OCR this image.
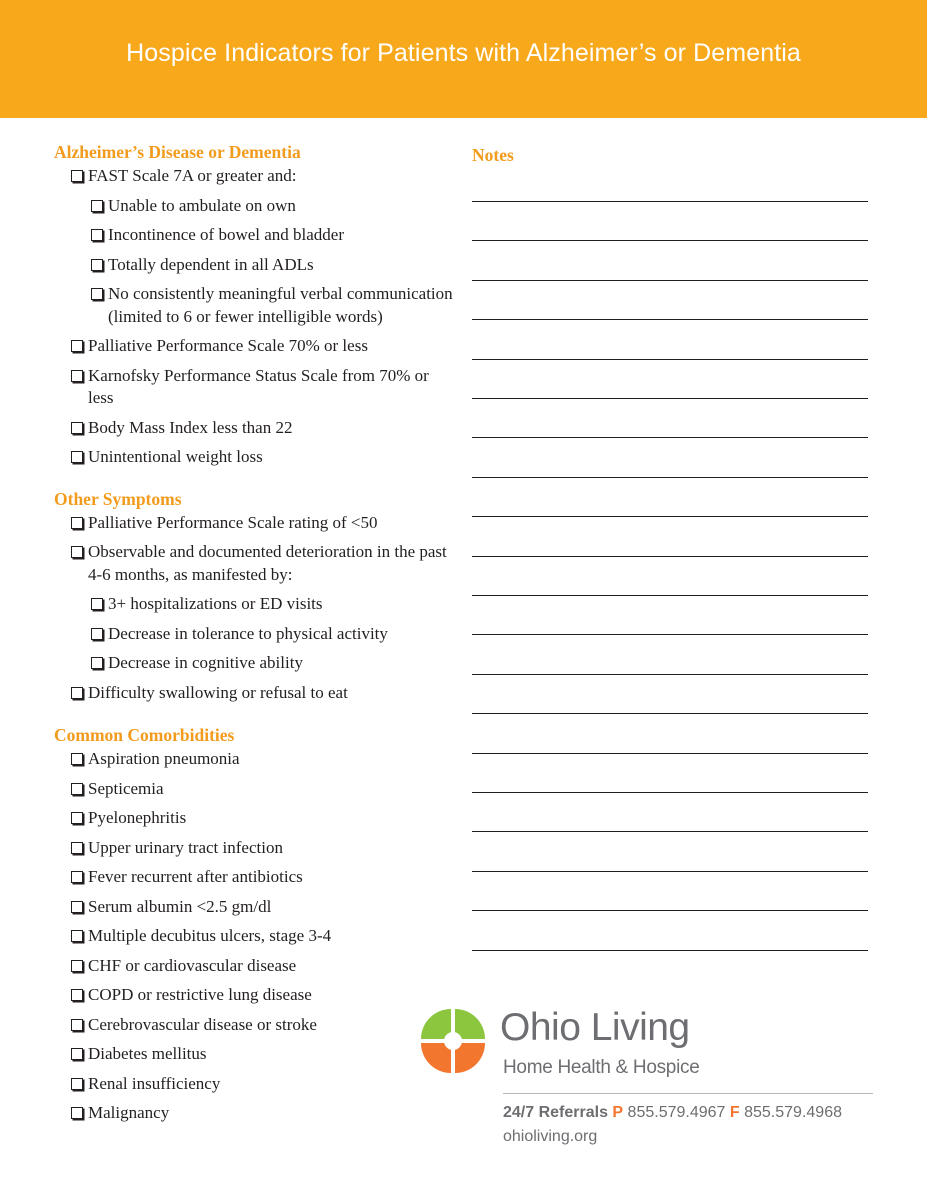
Hospice Indicators for Patients with Alzheimer’s or Dementia
Alzheimer’s Disease or Dementia
FAST Scale 7A or greater and:
Unable to ambulate on own
Incontinence of bowel and bladder
Totally dependent in all ADLs
No consistently meaningful verbal communication (limited to 6 or fewer intelligible words)
Palliative Performance Scale 70% or less
Karnofsky Performance Status Scale from 70% or less
Body Mass Index less than 22
Unintentional weight loss
Other Symptoms
Palliative Performance Scale rating of <50
Observable and documented deterioration in the past 4-6 months, as manifested by:
3+ hospitalizations or ED visits
Decrease in tolerance to physical activity
Decrease in cognitive ability
Difficulty swallowing or refusal to eat
Common Comorbidities
Aspiration pneumonia
Septicemia
Pyelonephritis
Upper urinary tract infection
Fever recurrent after antibiotics
Serum albumin <2.5 gm/dl
Multiple decubitus ulcers, stage 3-4
CHF or cardiovascular disease
COPD or restrictive lung disease
Cerebrovascular disease or stroke
Diabetes mellitus
Renal insufficiency
Malignancy
Notes
Ohio Living
Home Health & Hospice
24/7 Referrals P 855.579.4967 F 855.579.4968
ohioliving.org
